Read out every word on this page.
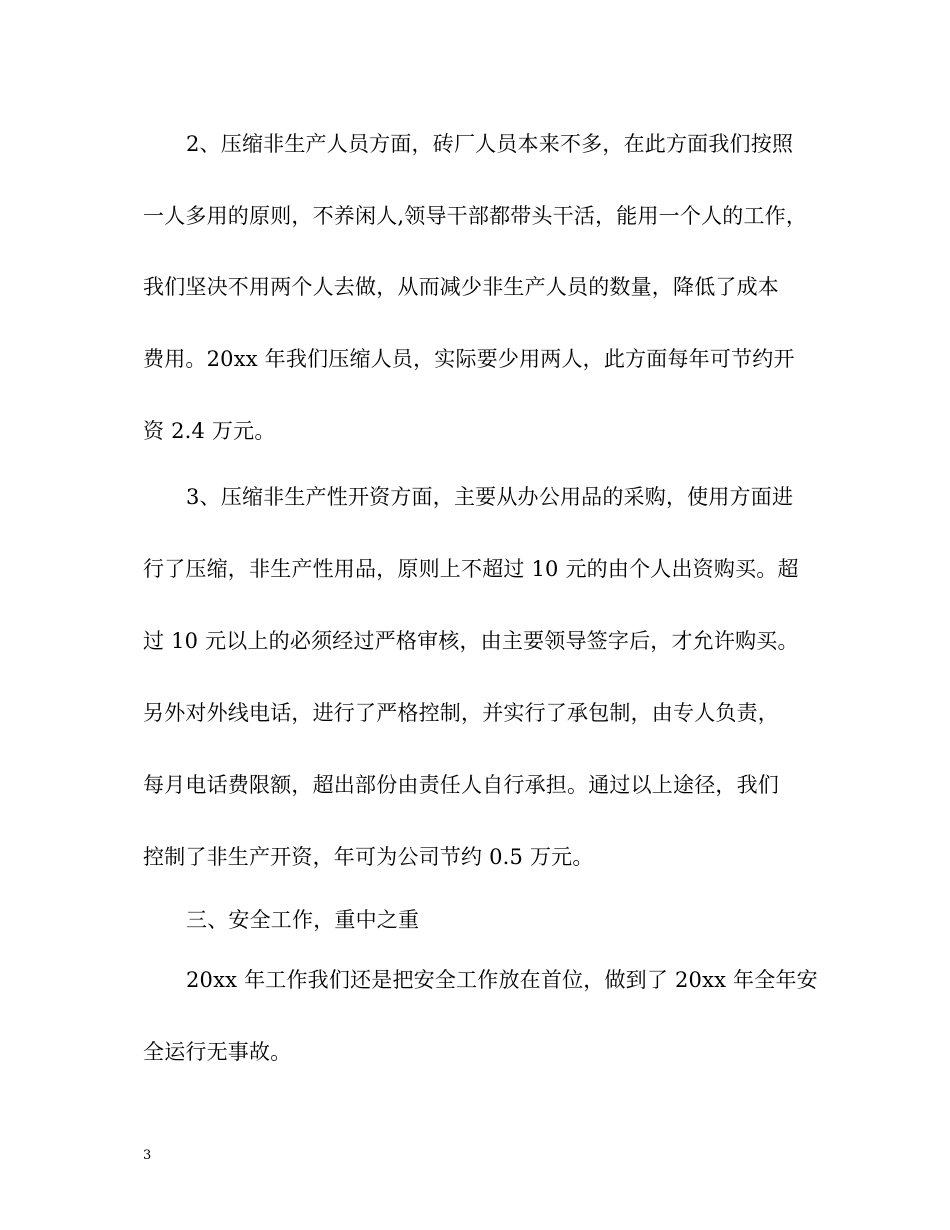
2、压缩非生产人员方面，砖厂人员本来不多，在此方面我们按照
一人多用的原则，不养闲人,领导干部都带头干活，能用一个人的工作，
我们坚决不用两个人去做，从而减少非生产人员的数量，降低了成本
费用。20xx 年我们压缩人员，实际要少用两人，此方面每年可节约开
资 2.4 万元。
3、压缩非生产性开资方面，主要从办公用品的采购，使用方面进
行了压缩，非生产性用品，原则上不超过 10 元的由个人出资购买。超
过 10 元以上的必须经过严格审核，由主要领导签字后，才允许购买。
另外对外线电话，进行了严格控制，并实行了承包制，由专人负责，
每月电话费限额，超出部份由责任人自行承担。通过以上途径，我们
控制了非生产开资，年可为公司节约 0.5 万元。
三、安全工作，重中之重
20xx 年工作我们还是把安全工作放在首位，做到了 20xx 年全年安
全运行无事故。
3
